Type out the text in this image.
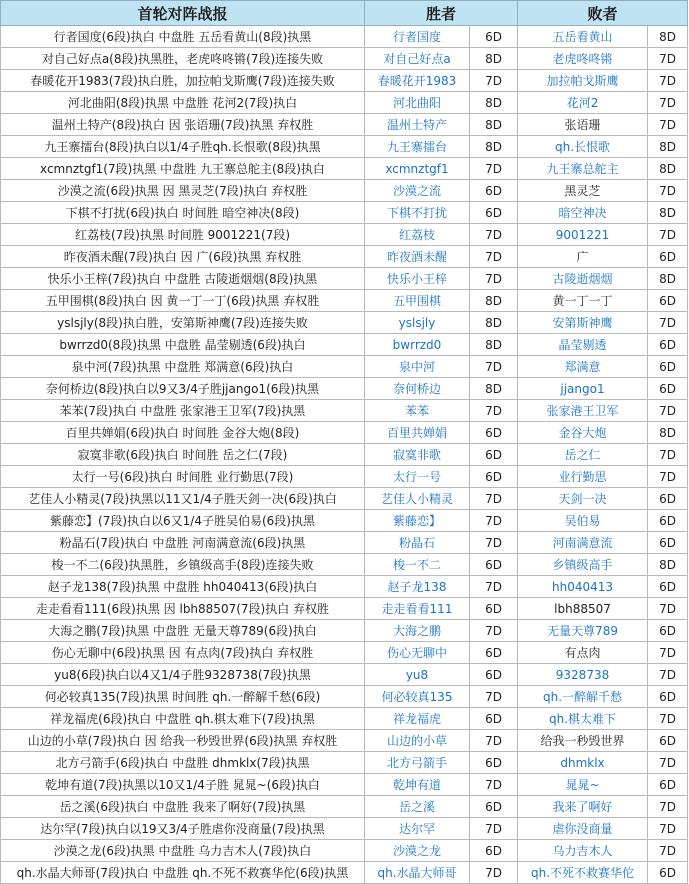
首轮对阵战报	胜者		败者	
行者国度(6段)执白 中盘胜 五岳看黄山(8段)执黑	行者国度	6D	五岳看黄山	8D
对自己好点a(8段)执黑胜，老虎咚咚锵(7段)连接失败	对自己好点a	8D	老虎咚咚锵	7D
春暖花开1983(7段)执白胜，加拉帕戈斯鹰(7段)连接失败	春暖花开1983	7D	加拉帕戈斯鹰	7D
河北曲阳(8段)执黑 中盘胜 花河2(7段)执白	河北曲阳	8D	花河2	7D
温州土特产(8段)执白 因 张语珊(7段)执黑 弃权胜	温州土特产	8D	张语珊	7D
九王寨擂台(8段)执白以1/4子胜qh.长恨歌(8段)执黑	九王寨擂台	8D	qh.长恨歌	8D
xcmnztgf1(7段)执黑 中盘胜 九王寨总舵主(8段)执白	xcmnztgf1	7D	九王寨总舵主	8D
沙漠之流(6段)执黑 因 黑灵芝(7段)执白 弃权胜	沙漠之流	6D	黑灵芝	7D
下棋不打扰(6段)执白 时间胜 暗空神决(8段)	下棋不打扰	6D	暗空神决	8D
红荔枝(7段)执黑 时间胜 9001221(7段)	红荔枝	7D	9001221	7D
昨夜酒未醒(7段)执白 因 广(6段)执黑 弃权胜	昨夜酒未醒	7D	广	6D
快乐小王梓(7段)执白 中盘胜 古陵逝烟烟(8段)执黑	快乐小王梓	7D	古陵逝烟烟	8D
五甲围棋(8段)执白 因 黄一丁一丁(6段)执黑 弃权胜	五甲围棋	8D	黄一丁一丁	6D
yslsjly(8段)执白胜，安第斯神鹰(7段)连接失败	yslsjly	8D	安第斯神鹰	7D
bwrrzd0(8段)执黑 中盘胜 晶莹剔透(6段)执白	bwrrzd0	8D	晶莹剔透	6D
泉中河(7段)执黑 中盘胜 郑满意(6段)执白	泉中河	7D	郑满意	6D
奈何桥边(8段)执白以9又3/4子胜jjango1(6段)执黑	奈何桥边	8D	jjango1	6D
苯苯(7段)执白 中盘胜 张家港王卫军(7段)执黑	苯苯	7D	张家港王卫军	7D
百里共婵娟(6段)执白 时间胜 金谷大炮(8段)	百里共婵娟	6D	金谷大炮	8D
寂寞非歌(6段)执白 时间胜 岳之仁(7段)	寂寞非歌	6D	岳之仁	7D
太行一号(6段)执白 时间胜 业行勤思(7段)	太行一号	6D	业行勤思	7D
艺佳人小精灵(7段)执黑以11又1/4子胜天剑一决(6段)执白	艺佳人小精灵	7D	天剑一决	6D
紫藤恋】(7段)执白以6又1/4子胜吴伯易(6段)执黑	紫藤恋】	7D	吴伯易	6D
粉晶石(7段)执白 中盘胜 河南满意流(6段)执黑	粉晶石	7D	河南满意流	6D
梭一不二(6段)执黑胜，乡镇级高手(8段)连接失败	梭一不二	6D	乡镇级高手	8D
赵子龙138(7段)执黑 中盘胜 hh040413(6段)执白	赵子龙138	7D	hh040413	6D
走走看看111(6段)执黑 因 lbh88507(7段)执白 弃权胜	走走看看111	6D	lbh88507	7D
大海之鹏(7段)执黑 中盘胜 无量天尊789(6段)执白	大海之鹏	7D	无量天尊789	6D
伤心无聊中(6段)执黑 因 有点肉(7段)执白 弃权胜	伤心无聊中	6D	有点肉	7D
yu8(6段)执白以4又1/4子胜9328738(7段)执黑	yu8	6D	9328738	7D
何必较真135(7段)执黑 时间胜 qh.一醉解千愁(6段)	何必较真135	7D	qh.一醉解千愁	6D
祥龙福虎(6段)执白 中盘胜 qh.棋太难下(7段)执黑	祥龙福虎	6D	qh.棋太难下	7D
山边的小草(7段)执白 因 给我一秒毁世界(6段)执黑 弃权胜	山边的小草	7D	给我一秒毁世界	6D
北方弓箭手(6段)执白 中盘胜 dhmklx(7段)执黑	北方弓箭手	6D	dhmklx	7D
乾坤有道(7段)执黑以10又1/4子胜 晁晁~(6段)执白	乾坤有道	7D	晁晁~	6D
岳之溪(6段)执白 中盘胜 我来了啊好(7段)执黑	岳之溪	6D	我来了啊好	7D
达尔罕(7段)执白以19又3/4子胜虐你没商量(7段)执黑	达尔罕	7D	虐你没商量	7D
沙漠之龙(6段)执黑 中盘胜 乌力吉木人(7段)执白	沙漠之龙	6D	乌力吉木人	7D
qh.水晶大师哥(7段)执白 中盘胜 qh.不死不救赛华佗(6段)执黑	qh.水晶大师哥	7D	qh.不死不救赛华佗	6D
